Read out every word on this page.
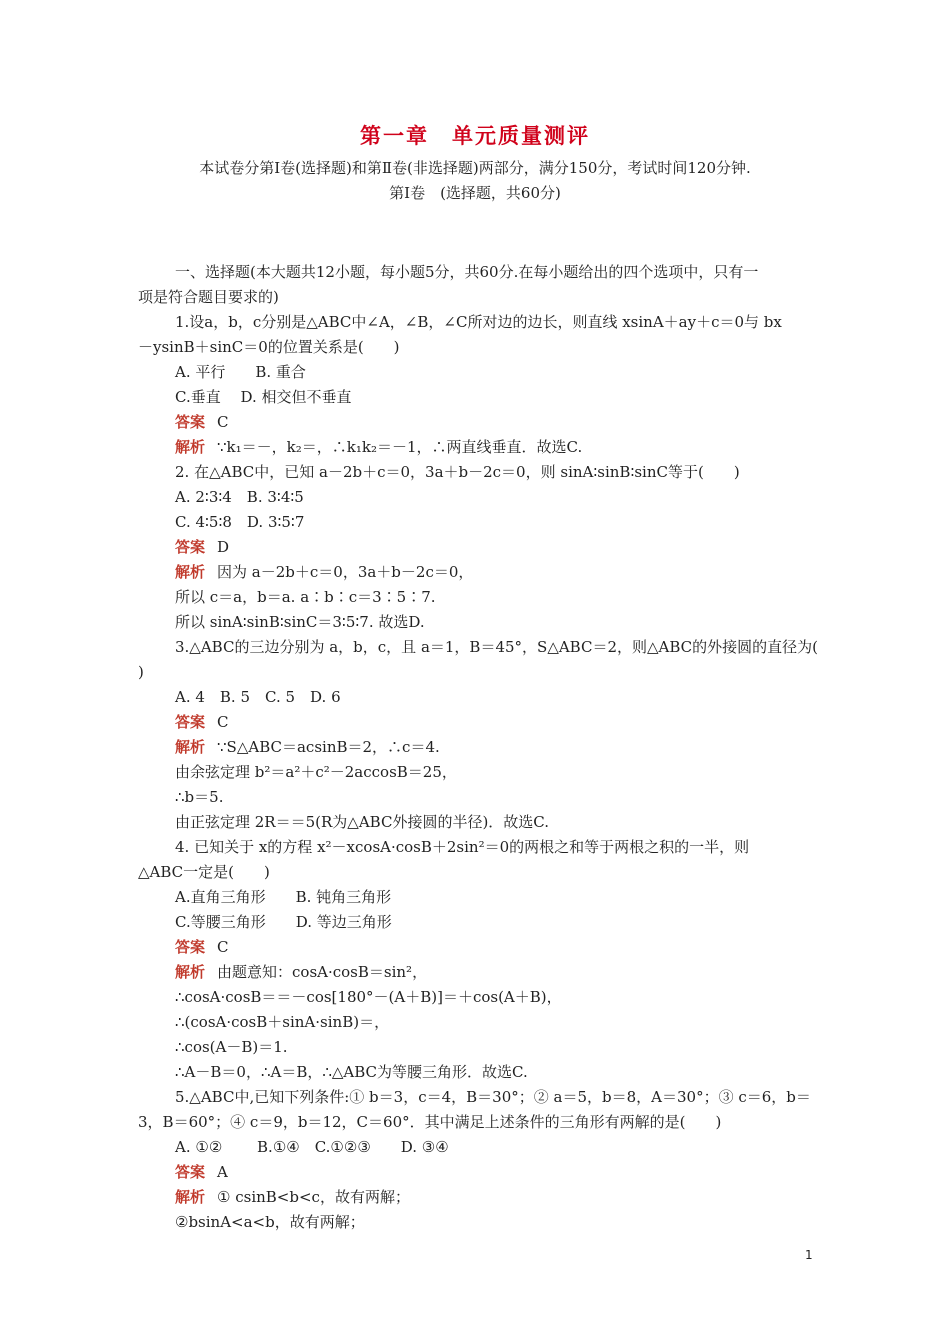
第一章　单元质量测评
本试卷分第Ⅰ卷(选择题)和第Ⅱ卷(非选择题)两部分，满分150分，考试时间120分钟.
第Ⅰ卷　(选择题，共60分)
一、选择题(本大题共12小题，每小题5分，共60分.在每小题给出的四个选项中，只有一
项是符合题目要求的)
1.设a，b，c分别是△ABC中∠A，∠B，∠C所对边的边长，则直线 xsinA＋ay＋c＝0与 bx
－ysinB＋sinC＝0的位置关系是(　　)
A. 平行　　B. 重合
C.垂直　 D. 相交但不垂直
答案 C
解析 ∵k₁＝－，k₂＝，∴k₁k₂＝－1，∴两直线垂直．故选C.
2. 在△ABC中，已知 a－2b＋c＝0，3a＋b－2c＝0，则 sinA∶sinB∶sinC等于(　　)
A. 2∶3∶4　B. 3∶4∶5
C. 4∶5∶8　D. 3∶5∶7
答案 D
解析 因为 a－2b＋c＝0，3a＋b－2c＝0，
所以 c＝a，b＝a. a∶b∶c＝3∶5∶7.
所以 sinA∶sinB∶sinC＝3∶5∶7. 故选D.
3.△ABC的三边分别为 a，b，c，且 a＝1，B＝45°，S△ABC＝2，则△ABC的外接圆的直径为(
)
A. 4　B. 5　C. 5　D. 6
答案 C
解析 ∵S△ABC＝acsinB＝2，∴c＝4.
由余弦定理 b²＝a²＋c²－2accosB＝25，
∴b＝5.
由正弦定理 2R＝＝5(R为△ABC外接圆的半径)．故选C.
4. 已知关于 x的方程 x²－xcosA·cosB＋2sin²＝0的两根之和等于两根之积的一半，则
△ABC一定是(　　)
A.直角三角形　　B. 钝角三角形
C.等腰三角形　　D. 等边三角形
答案 C
解析 由题意知：cosA·cosB＝sin²，
∴cosA·cosB＝＝－cos[180°－(A＋B)]＝＋cos(A＋B)，
∴(cosA·cosB＋sinA·sinB)＝，
∴cos(A－B)＝1.
∴A－B＝0，∴A＝B，∴△ABC为等腰三角形．故选C.
5.△ABC中,已知下列条件:① b＝3，c＝4，B＝30°；② a＝5，b＝8，A＝30°；③ c＝6，b＝
3，B＝60°；④ c＝9，b＝12，C＝60°．其中满足上述条件的三角形有两解的是(　　)
A. ①②　　 B.①④　C.①②③　　D. ③④
答案 A
解析 ① csinB<b<c，故有两解；
②bsinA<a<b，故有两解；
1
